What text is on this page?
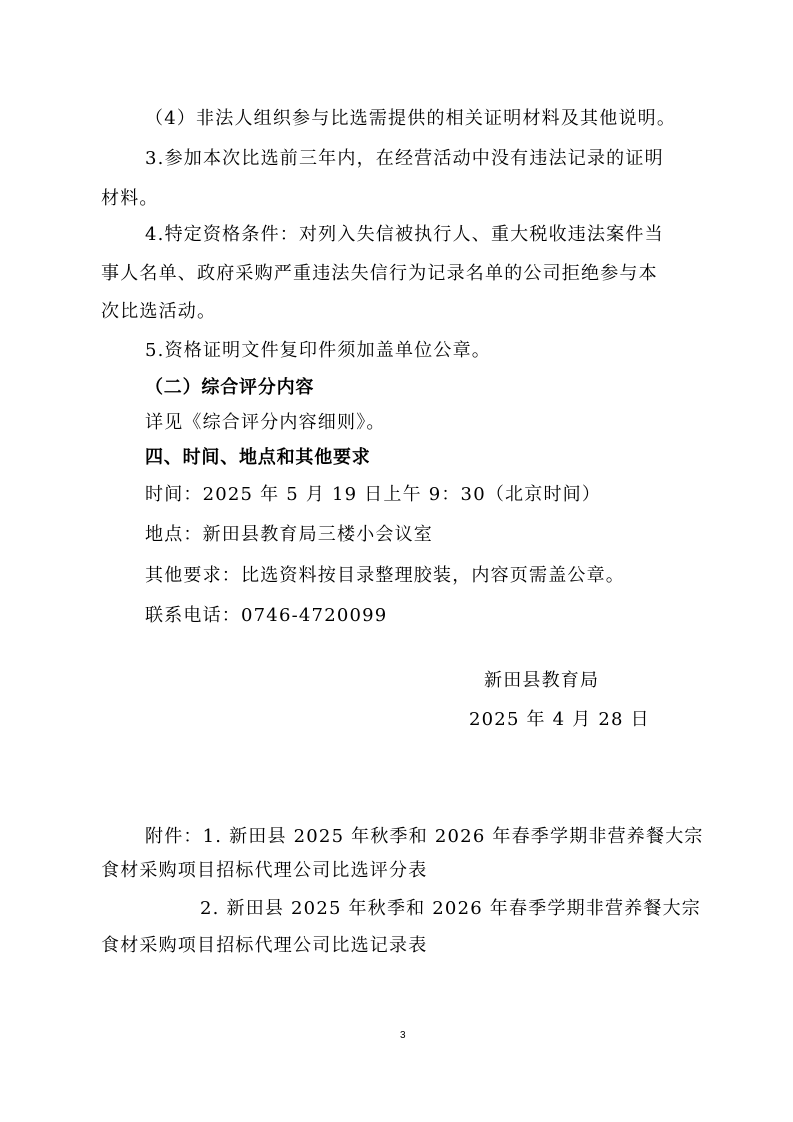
（4）非法人组织参与比选需提供的相关证明材料及其他说明。
3.参加本次比选前三年内，在经营活动中没有违法记录的证明
材料。
4.特定资格条件：对列入失信被执行人、重大税收违法案件当
事人名单、政府采购严重违法失信行为记录名单的公司拒绝参与本
次比选活动。
5.资格证明文件复印件须加盖单位公章。
（二）综合评分内容
详见《综合评分内容细则》。
四、时间、地点和其他要求
时间：2025 年 5 月 19 日上午 9：30（北京时间）
地点：新田县教育局三楼小会议室
其他要求：比选资料按目录整理胶装，内容页需盖公章。
联系电话：0746-4720099
新田县教育局
2025 年 4 月 28 日
附件：1. 新田县 2025 年秋季和 2026 年春季学期非营养餐大宗
食材采购项目招标代理公司比选评分表
2. 新田县 2025 年秋季和 2026 年春季学期非营养餐大宗
食材采购项目招标代理公司比选记录表
3
